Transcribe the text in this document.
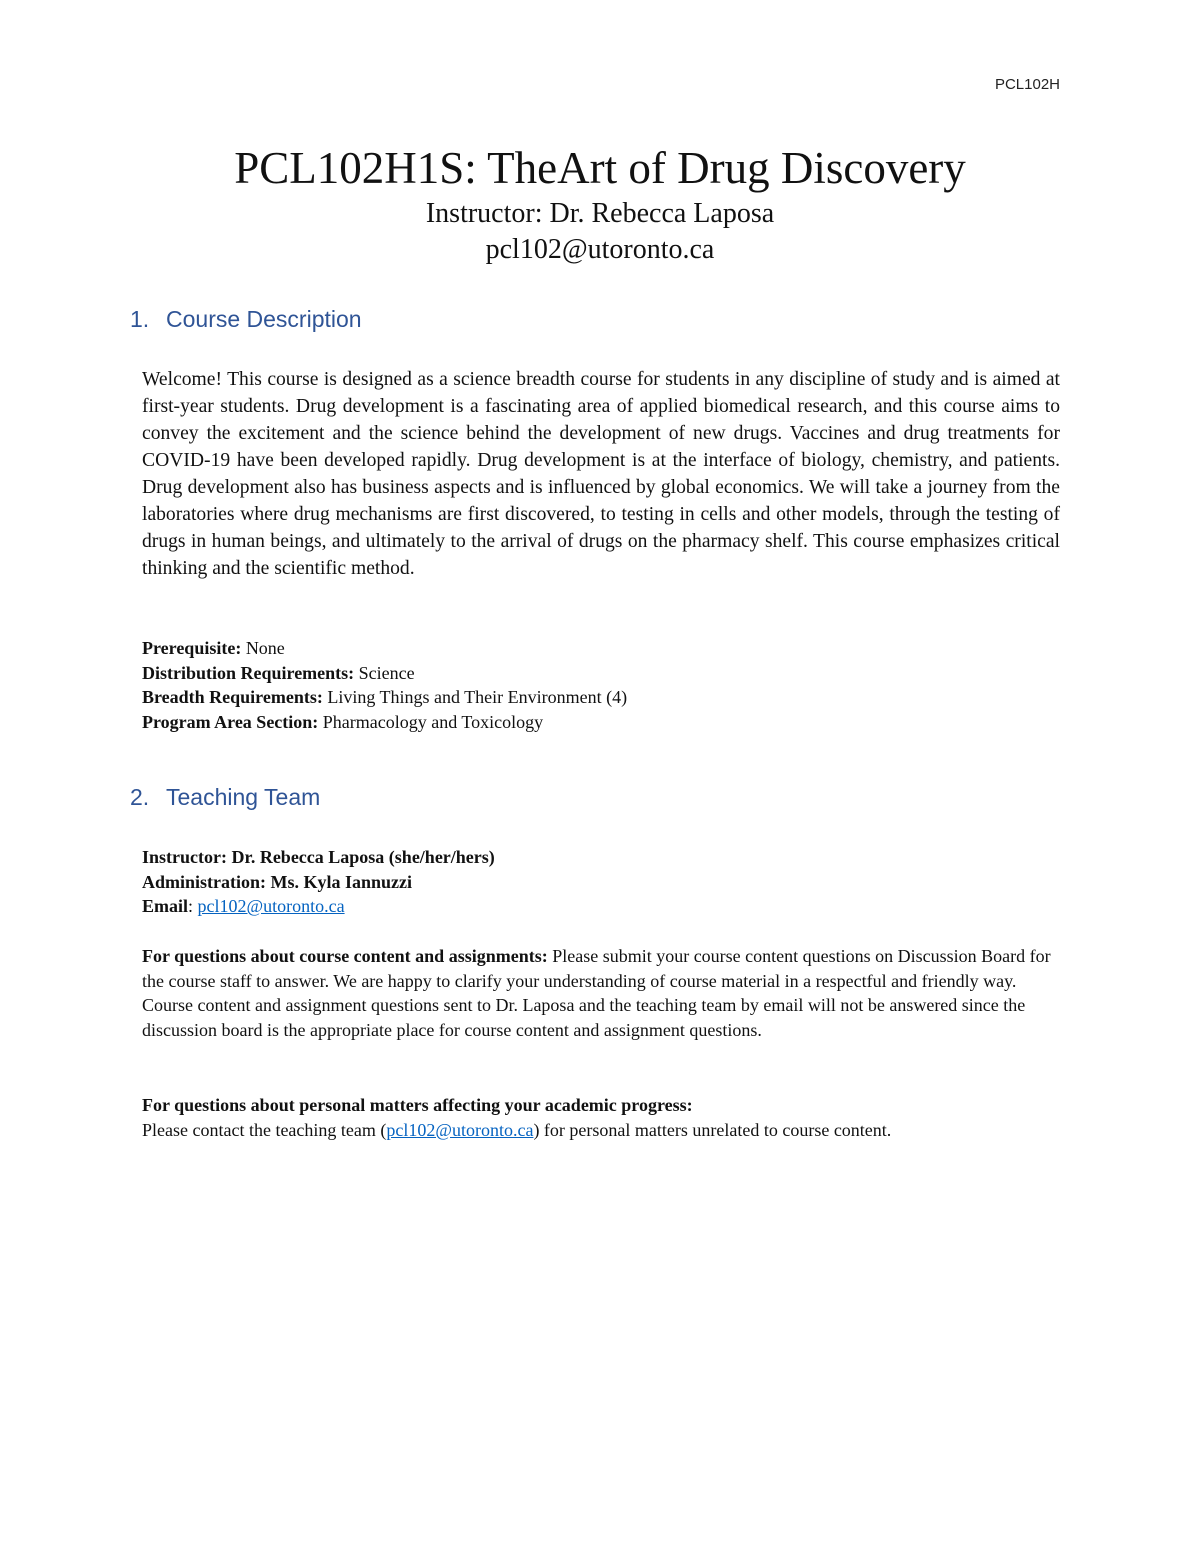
PCL102H
PCL102H1S: TheArt of Drug Discovery
Instructor: Dr. Rebecca Laposa
pcl102@utoronto.ca
1. Course Description

Welcome! This course is designed as a science breadth course for students in any discipline of study and is aimed at first-year students. Drug development is a fascinating area of applied biomedical research, and this course aims to convey the excitement and the science behind the development of new drugs. Vaccines and drug treatments for COVID-19 have been developed rapidly. Drug development is at the interface of biology, chemistry, and patients. Drug development also has business aspects and is influenced by global economics. We will take a journey from the laboratories where drug mechanisms are first discovered, to testing in cells and other models, through the testing of drugs in human beings, and ultimately to the arrival of drugs on the pharmacy shelf. This course emphasizes critical thinking and the scientific method.

Prerequisite: None
Distribution Requirements: Science
Breadth Requirements: Living Things and Their Environment (4)
Program Area Section: Pharmacology and Toxicology
2. Teaching Team
Instructor: Dr. Rebecca Laposa (she/her/hers)
Administration: Ms. Kyla Iannuzzi
Email: pcl102@utoronto.ca

For questions about course content and assignments: Please submit your course content questions on Discussion Board for the course staff to answer. We are happy to clarify your understanding of course material in a respectful and friendly way. Course content and assignment questions sent to Dr. Laposa and the teaching team by email will not be answered since the discussion board is the appropriate place for course content and assignment questions.

For questions about personal matters affecting your academic progress:

Please contact the teaching team (pcl102@utoronto.ca) for personal matters unrelated to course content.
